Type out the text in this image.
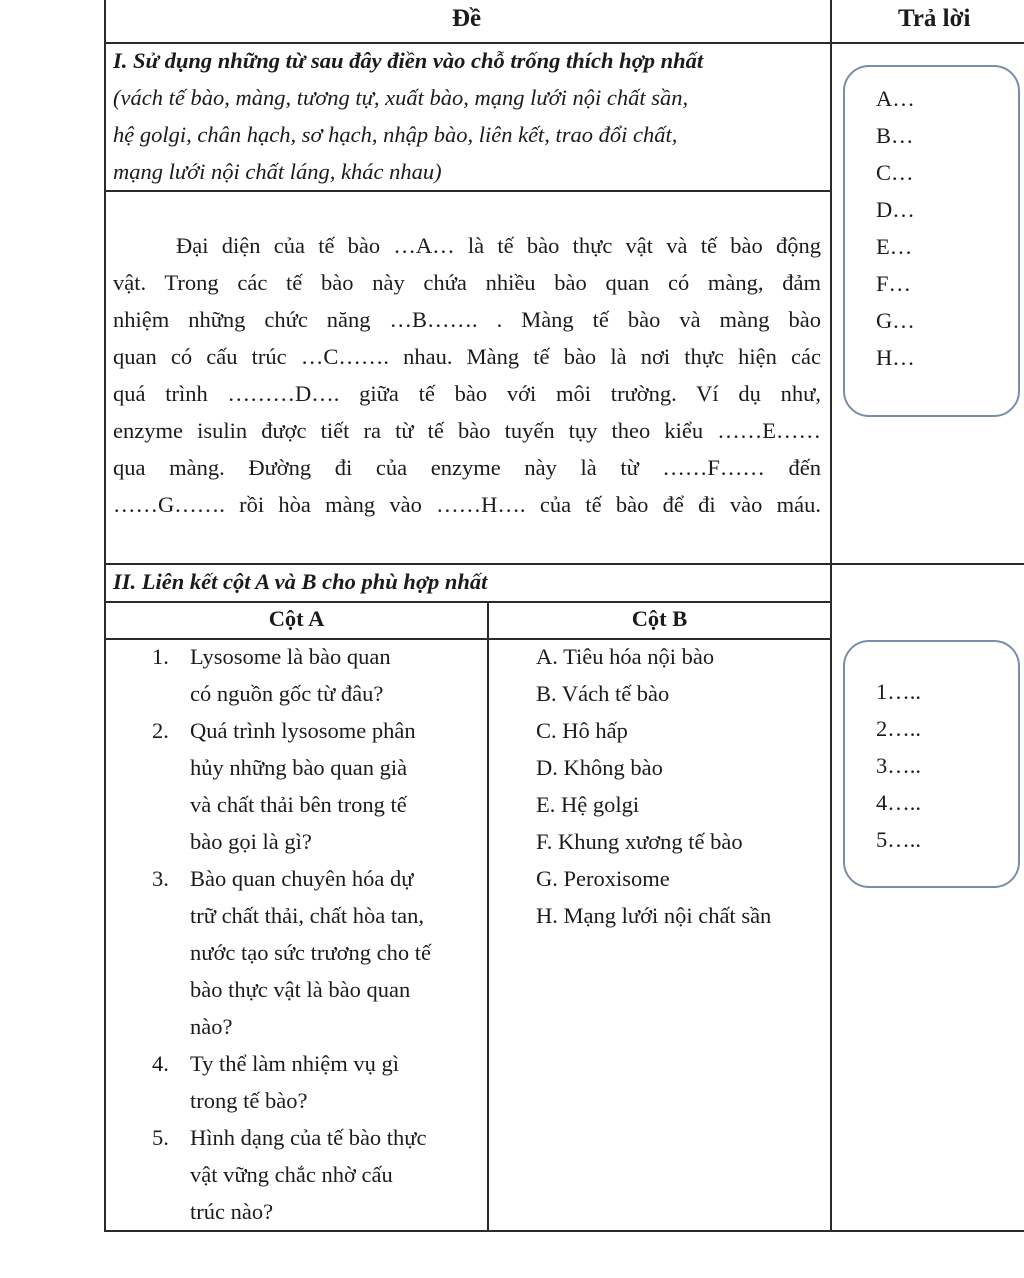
Đề	Trả lời
I. Sử dụng những từ sau đây điền vào chỗ trống thích hợp nhất
(vách tế bào, màng, tương tự, xuất bào, mạng lưới nội chất sần,
hệ golgi, chân hạch, sơ hạch, nhập bào, liên kết, trao đổi chất,
mạng lưới nội chất láng, khác nhau)
Đại diện của tế bào …A… là tế bào thực vật và tế bào động
vật. Trong các tế bào này chứa nhiều bào quan có màng, đảm
nhiệm những chức năng …B……. . Màng tế bào và màng bào
quan có cấu trúc …C……. nhau. Màng tế bào là nơi thực hiện các
quá trình ………D…. giữa tế bào với môi trường. Ví dụ như,
enzyme isulin được tiết ra từ tế bào tuyến tụy theo kiểu ……E……
qua màng. Đường đi của enzyme này là từ ……F…… đến
……G……. rồi hòa màng vào ……H…. của tế bào để đi vào máu.
A…
B…
C…
D…
E…
F…
G…
H…
II. Liên kết cột A và B cho phù hợp nhất
Cột A	Cột B
1. Lysosome là bào quan
có nguồn gốc từ đâu?
2. Quá trình lysosome phân
hủy những bào quan già
và chất thải bên trong tế
bào gọi là gì?
3. Bào quan chuyên hóa dự
trữ chất thải, chất hòa tan,
nước tạo sức trương cho tế
bào thực vật là bào quan
nào?
4. Ty thể làm nhiệm vụ gì
trong tế bào?
5. Hình dạng của tế bào thực
vật vững chắc nhờ cấu
trúc nào?
A. Tiêu hóa nội bào
B. Vách tế bào
C. Hô hấp
D. Không bào
E. Hệ golgi
F. Khung xương tế bào
G. Peroxisome
H. Mạng lưới nội chất sần
1…..
2…..
3…..
4…..
5…..
